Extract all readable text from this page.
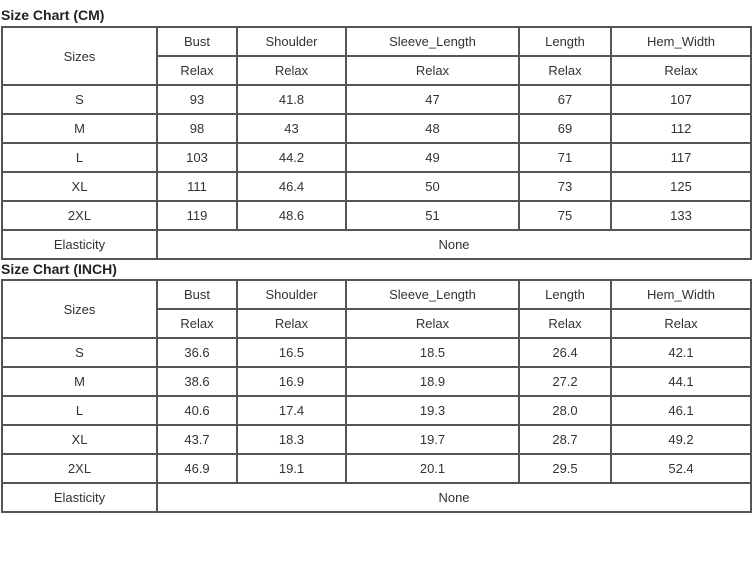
Size Chart (CM)
Sizes	Bust	Shoulder	Sleeve_Length	Length	Hem_Width
	Relax	Relax	Relax	Relax	Relax
S	93	41.8	47	67	107
M	98	43	48	69	112
L	103	44.2	49	71	117
XL	111	46.4	50	73	125
2XL	119	48.6	51	75	133
Elasticity	None				
Size Chart (INCH)
Sizes	Bust	Shoulder	Sleeve_Length	Length	Hem_Width
	Relax	Relax	Relax	Relax	Relax
S	36.6	16.5	18.5	26.4	42.1
M	38.6	16.9	18.9	27.2	44.1
L	40.6	17.4	19.3	28.0	46.1
XL	43.7	18.3	19.7	28.7	49.2
2XL	46.9	19.1	20.1	29.5	52.4
Elasticity	None				
